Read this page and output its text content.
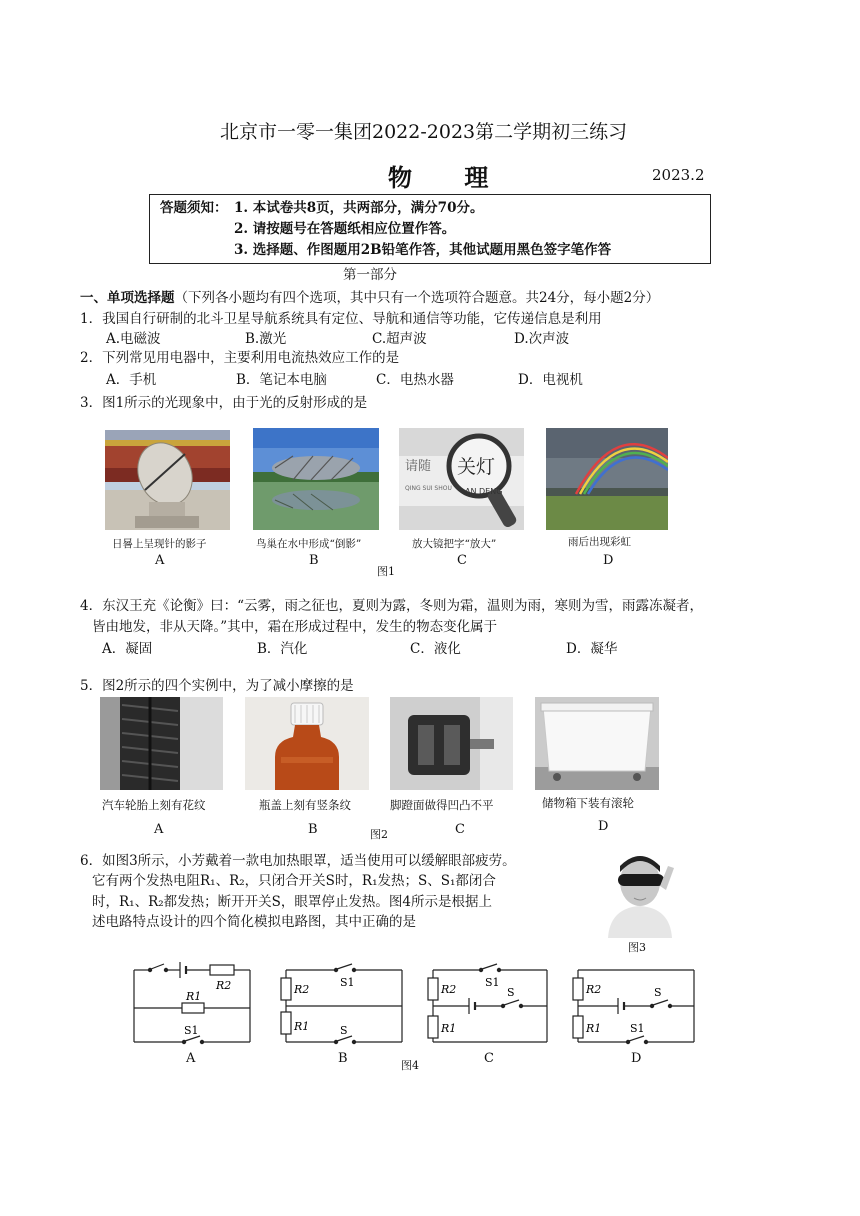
北京市一零一集团2022-2023第二学期初三练习
物 理	2023.2
答题须知： 1. 本试卷共8页，共两部分，满分70分。
2. 请按题号在答题纸相应位置作答。
3. 选择题、作图题用2B铅笔作答，其他试题用黑色签字笔作答
第一部分
一、单项选择题（下列各小题均有四个选项，其中只有一个选项符合题意。共24分，每小题2分）
1．我国自行研制的北斗卫星导航系统具有定位、导航和通信等功能，它传递信息是利用
A.电磁波	B.激光	C.超声波	D.次声波
2．下列常见用电器中，主要利用电流热效应工作的是
A．手机	B．笔记本电脑	C．电热水器	D．电视机
3．图1所示的光现象中，由于光的反射形成的是
请随 关灯
QING SUI SHOU AN DENG
日晷上呈现针的影子	鸟巢在水中形成“倒影”	放大镜把字“放大”	雨后出现彩虹
A	B	C	D
图1
4．东汉王充《论衡》曰：“云雾，雨之征也，夏则为露，冬则为霜，温则为雨，寒则为雪，雨露冻凝者，
皆由地发，非从天降。”其中，霜在形成过程中，发生的物态变化属于
A．凝固	B．汽化	C．液化	D．凝华
5．图2所示的四个实例中，为了减小摩擦的是
汽车轮胎上刻有花纹	瓶盖上刻有竖条纹	脚蹬面做得凹凸不平	储物箱下装有滚轮
A	B	C	D
图2
6．如图3所示，小芳戴着一款电加热眼罩，适当使用可以缓解眼部疲劳。
它有两个发热电阻R₁、R₂，只闭合开关S时，R₁发热；S、S₁都闭合
时，R₁、R₂都发热；断开开关S，眼罩停止发热。图4所示是根据上
述电路特点设计的四个简化模拟电路图，其中正确的是
图3
R2
R1
S1
R2
R1
S1
S
R2
R1
S1
S	R2
R1
S
S1
A	B	C	D
图4
